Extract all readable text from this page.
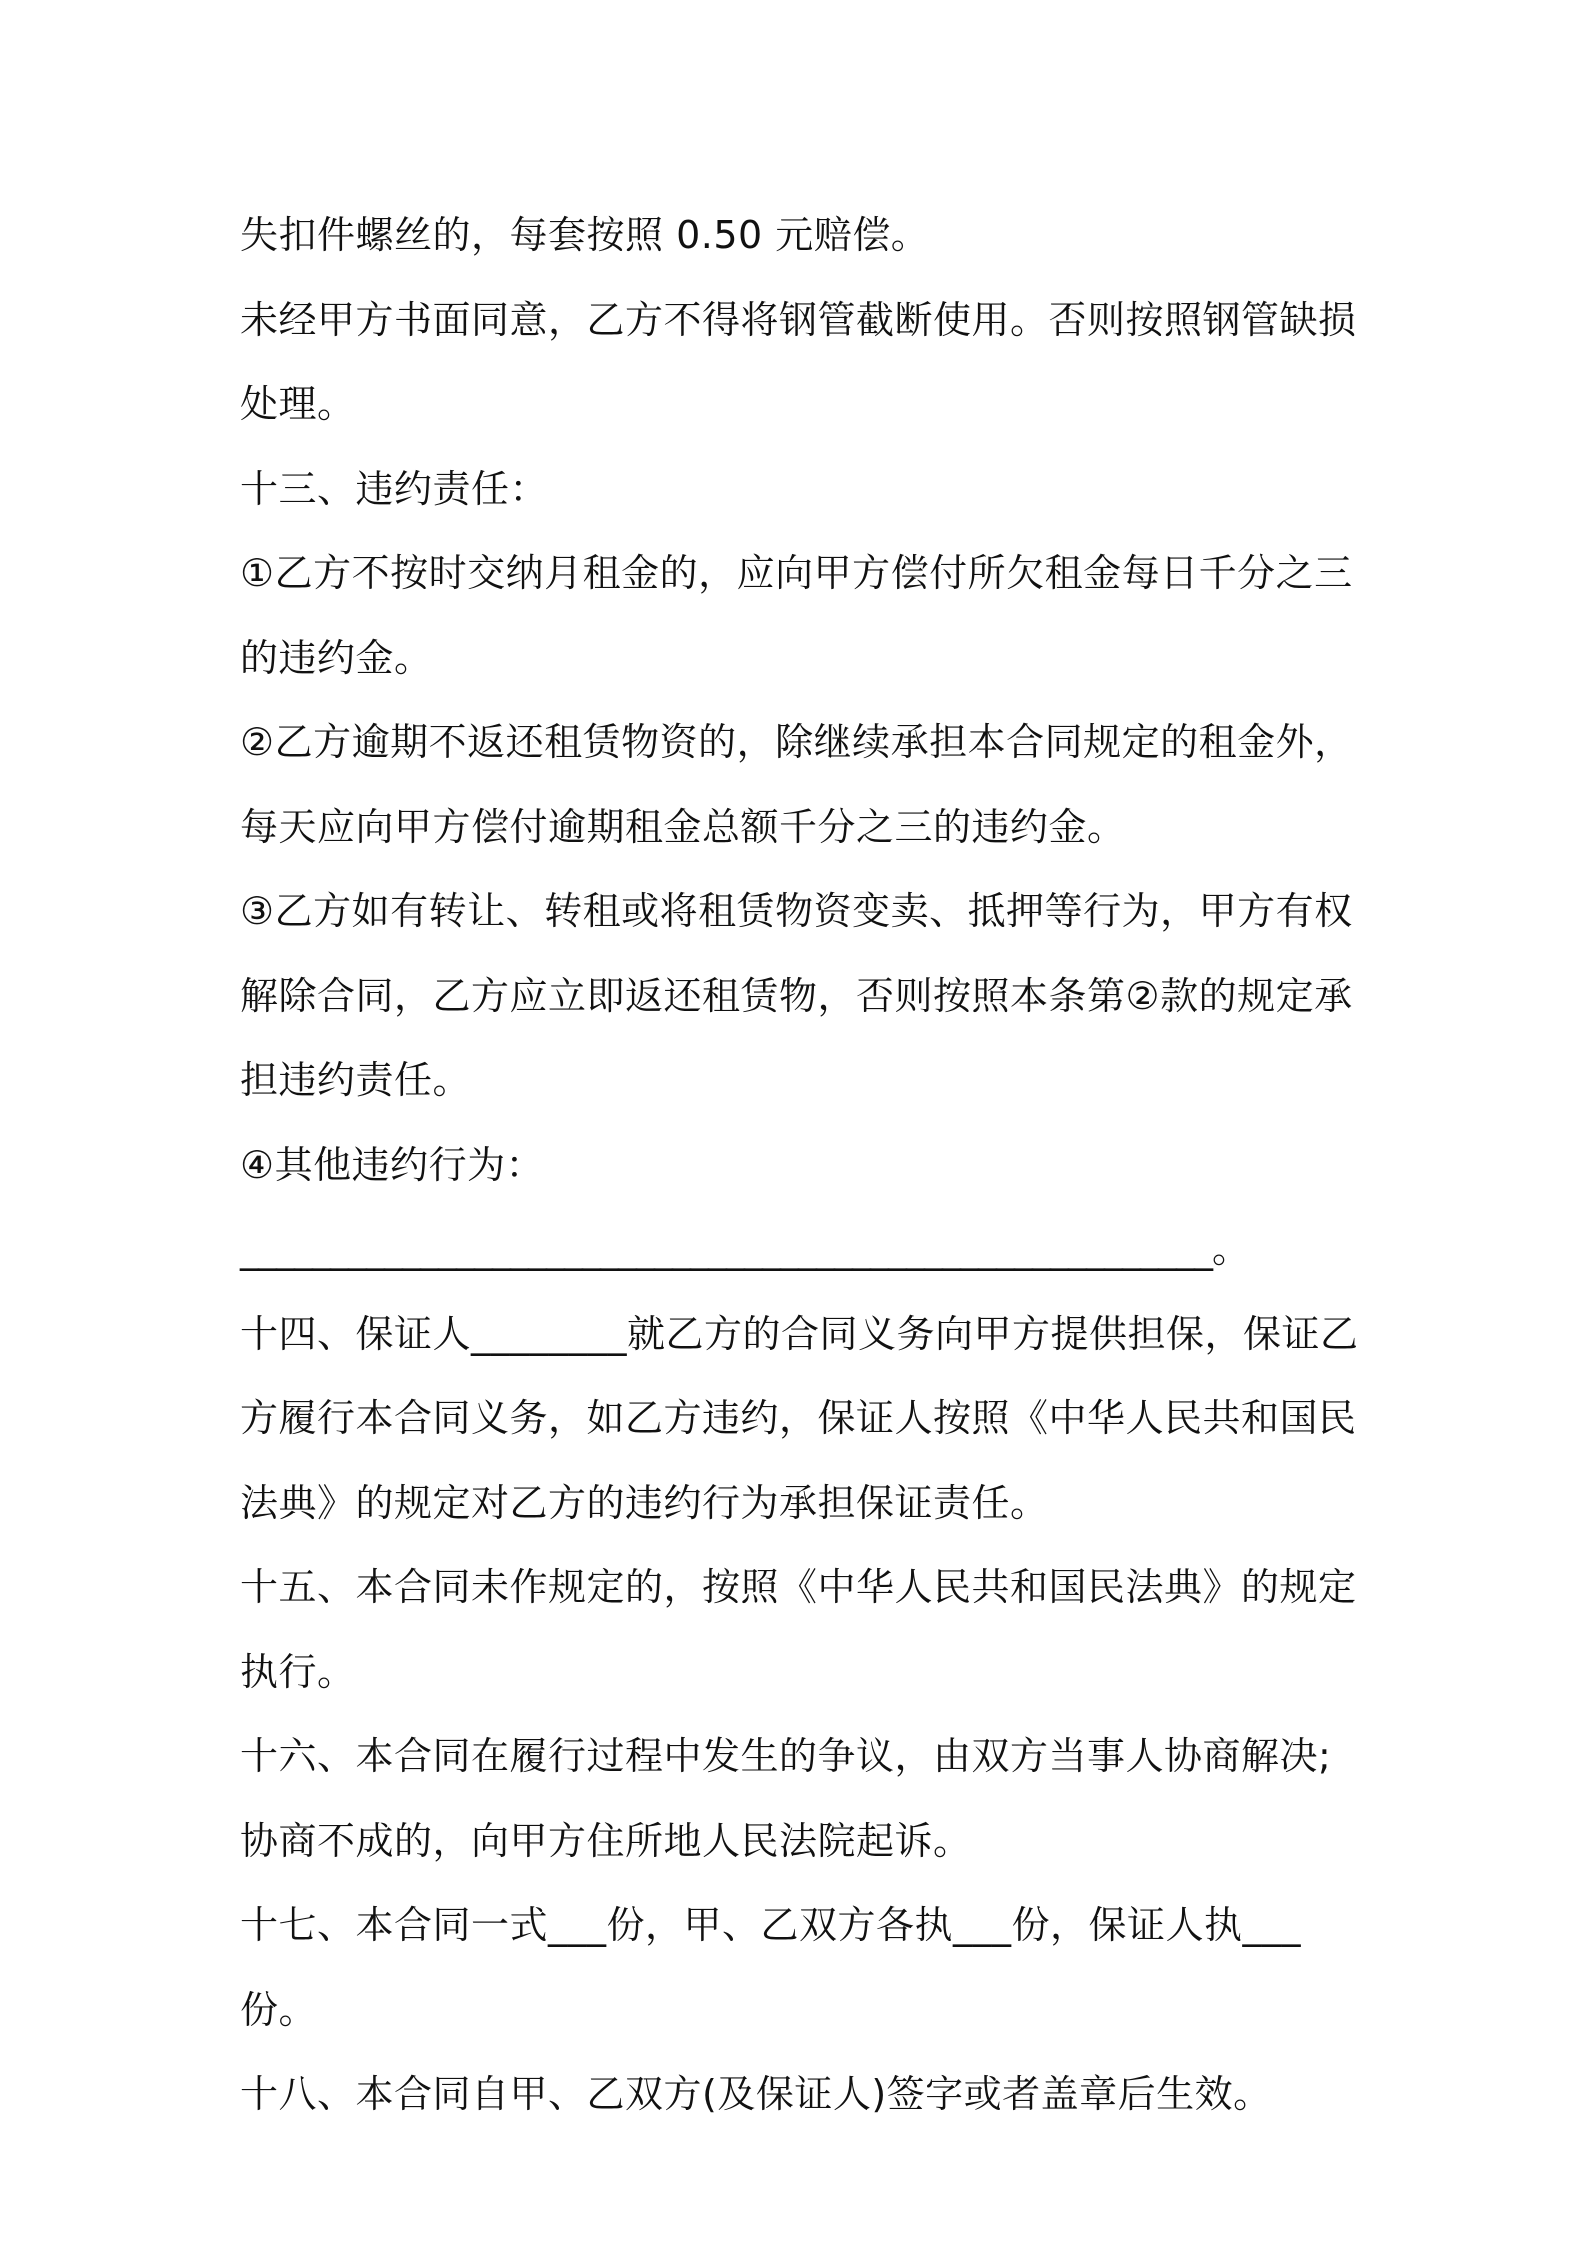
失扣件螺丝的，每套按照 0.50 元赔偿。

未经甲方书面同意，乙方不得将钢管截断使用。否则按照钢管缺损处理。

十三、违约责任：

①乙方不按时交纳月租金的，应向甲方偿付所欠租金每日千分之三的违约金。

②乙方逾期不返还租赁物资的，除继续承担本合同规定的租金外，每天应向甲方偿付逾期租金总额千分之三的违约金。

③乙方如有转让、转租或将租赁物资变卖、抵押等行为，甲方有权解除合同，乙方应立即返还租赁物，否则按照本条第②款的规定承担违约责任。

④其他违约行为：

______________________________________________________。

十四、保证人________就乙方的合同义务向甲方提供担保，保证乙方履行本合同义务，如乙方违约，保证人按照《中华人民共和国民法典》的规定对乙方的违约行为承担保证责任。

十五、本合同未作规定的，按照《中华人民共和国民法典》的规定执行。

十六、本合同在履行过程中发生的争议，由双方当事人协商解决;协商不成的，向甲方住所地人民法院起诉。

十七、本合同一式___份，甲、乙双方各执___份，保证人执___份。

十八、本合同自甲、乙双方(及保证人)签字或者盖章后生效。
